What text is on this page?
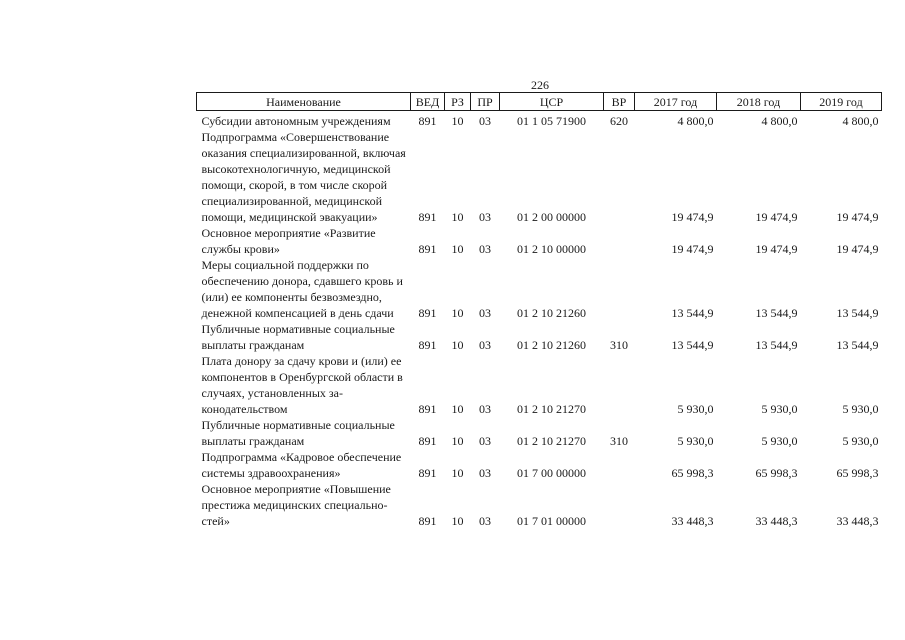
226
Наименование	ВЕД	РЗ	ПР	ЦСР	ВР	2017 год	2018 год	2019 год
Субсидии автономным учреждениям	891	10	03	01 1 05 71900	620	4 800,0	4 800,0	4 800,0
Подпрограмма «Совершенствование оказания специализированной, включая высокотехнологичную, медицинской помощи, скорой, в том числе скорой специализированной, медицинской помощи, медицинской эвакуации»	891	10	03	01 2 00 00000		19 474,9	19 474,9	19 474,9
Основное мероприятие «Развитие службы крови»	891	10	03	01 2 10 00000		19 474,9	19 474,9	19 474,9
Меры социальной поддержки по обеспечению донора, сдавшего кровь и (или) ее компоненты безвозмездно, денежной компенсацией в день сдачи	891	10	03	01 2 10 21260		13 544,9	13 544,9	13 544,9
Публичные нормативные социальные выплаты гражданам	891	10	03	01 2 10 21260	310	13 544,9	13 544,9	13 544,9
Плата донору за сдачу крови и (или) ее компонентов в Оренбургской области в случаях, установленных законодательством	891	10	03	01 2 10 21270		5 930,0	5 930,0	5 930,0
Публичные нормативные социальные выплаты гражданам	891	10	03	01 2 10 21270	310	5 930,0	5 930,0	5 930,0
Подпрограмма «Кадровое обеспечение системы здравоохранения»	891	10	03	01 7 00 00000		65 998,3	65 998,3	65 998,3
Основное мероприятие «Повышение престижа медицинских специальностей»	891	10	03	01 7 01 00000		33 448,3	33 448,3	33 448,3
